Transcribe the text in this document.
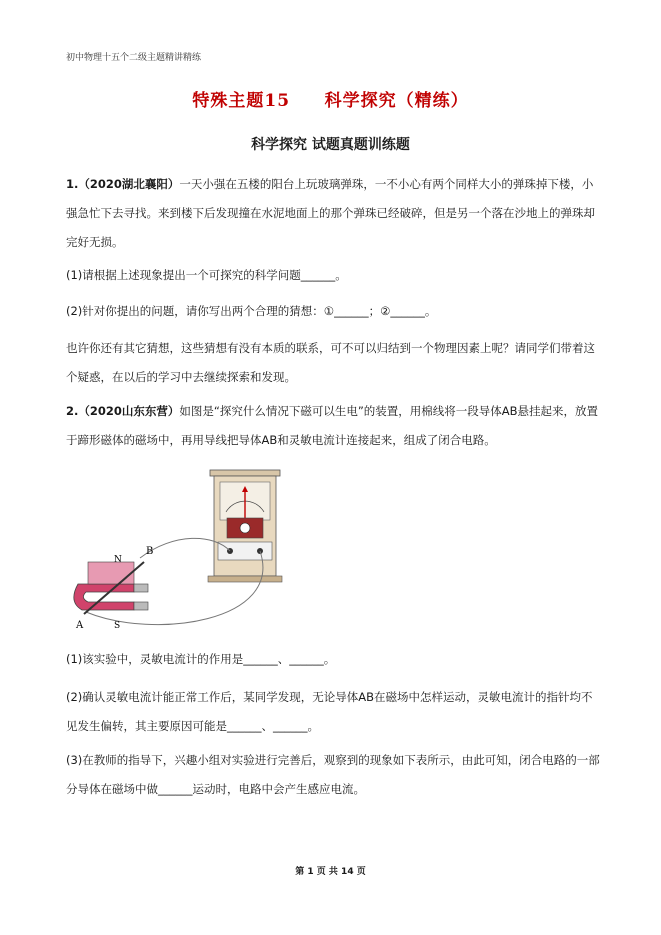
初中物理十五个二级主题精讲精练
特殊主题15     科学探究（精练）
科学探究 试题真题训练题
1.（2020湖北襄阳）一天小强在五楼的阳台上玩玻璃弹珠，一不小心有两个同样大小的弹珠掉下楼，小强急忙下去寻找。来到楼下后发现撞在水泥地面上的那个弹珠已经破碎，但是另一个落在沙地上的弹珠却完好无损。
(1)请根据上述现象提出一个可探究的科学问题______。
(2)针对你提出的问题，请你写出两个合理的猜想：①______；②______。
也许你还有其它猜想，这些猜想有没有本质的联系，可不可以归结到一个物理因素上呢？请同学们带着这个疑惑，在以后的学习中去继续探索和发现。
2.（2020山东东营）如图是“探究什么情况下磁可以生电”的装置，用棉线将一段导体AB悬挂起来，放置于蹄形磁体的磁场中，再用导线把导体AB和灵敏电流计连接起来，组成了闭合电路。
N
S
A
B
(1)该实验中，灵敏电流计的作用是______、______。
(2)确认灵敏电流计能正常工作后，某同学发现，无论导体AB在磁场中怎样运动，灵敏电流计的指针均不见发生偏转，其主要原因可能是______、______。
(3)在教师的指导下，兴趣小组对实验进行完善后，观察到的现象如下表所示，由此可知，闭合电路的一部分导体在磁场中做______运动时，电路中会产生感应电流。
第 1 页 共 14 页
